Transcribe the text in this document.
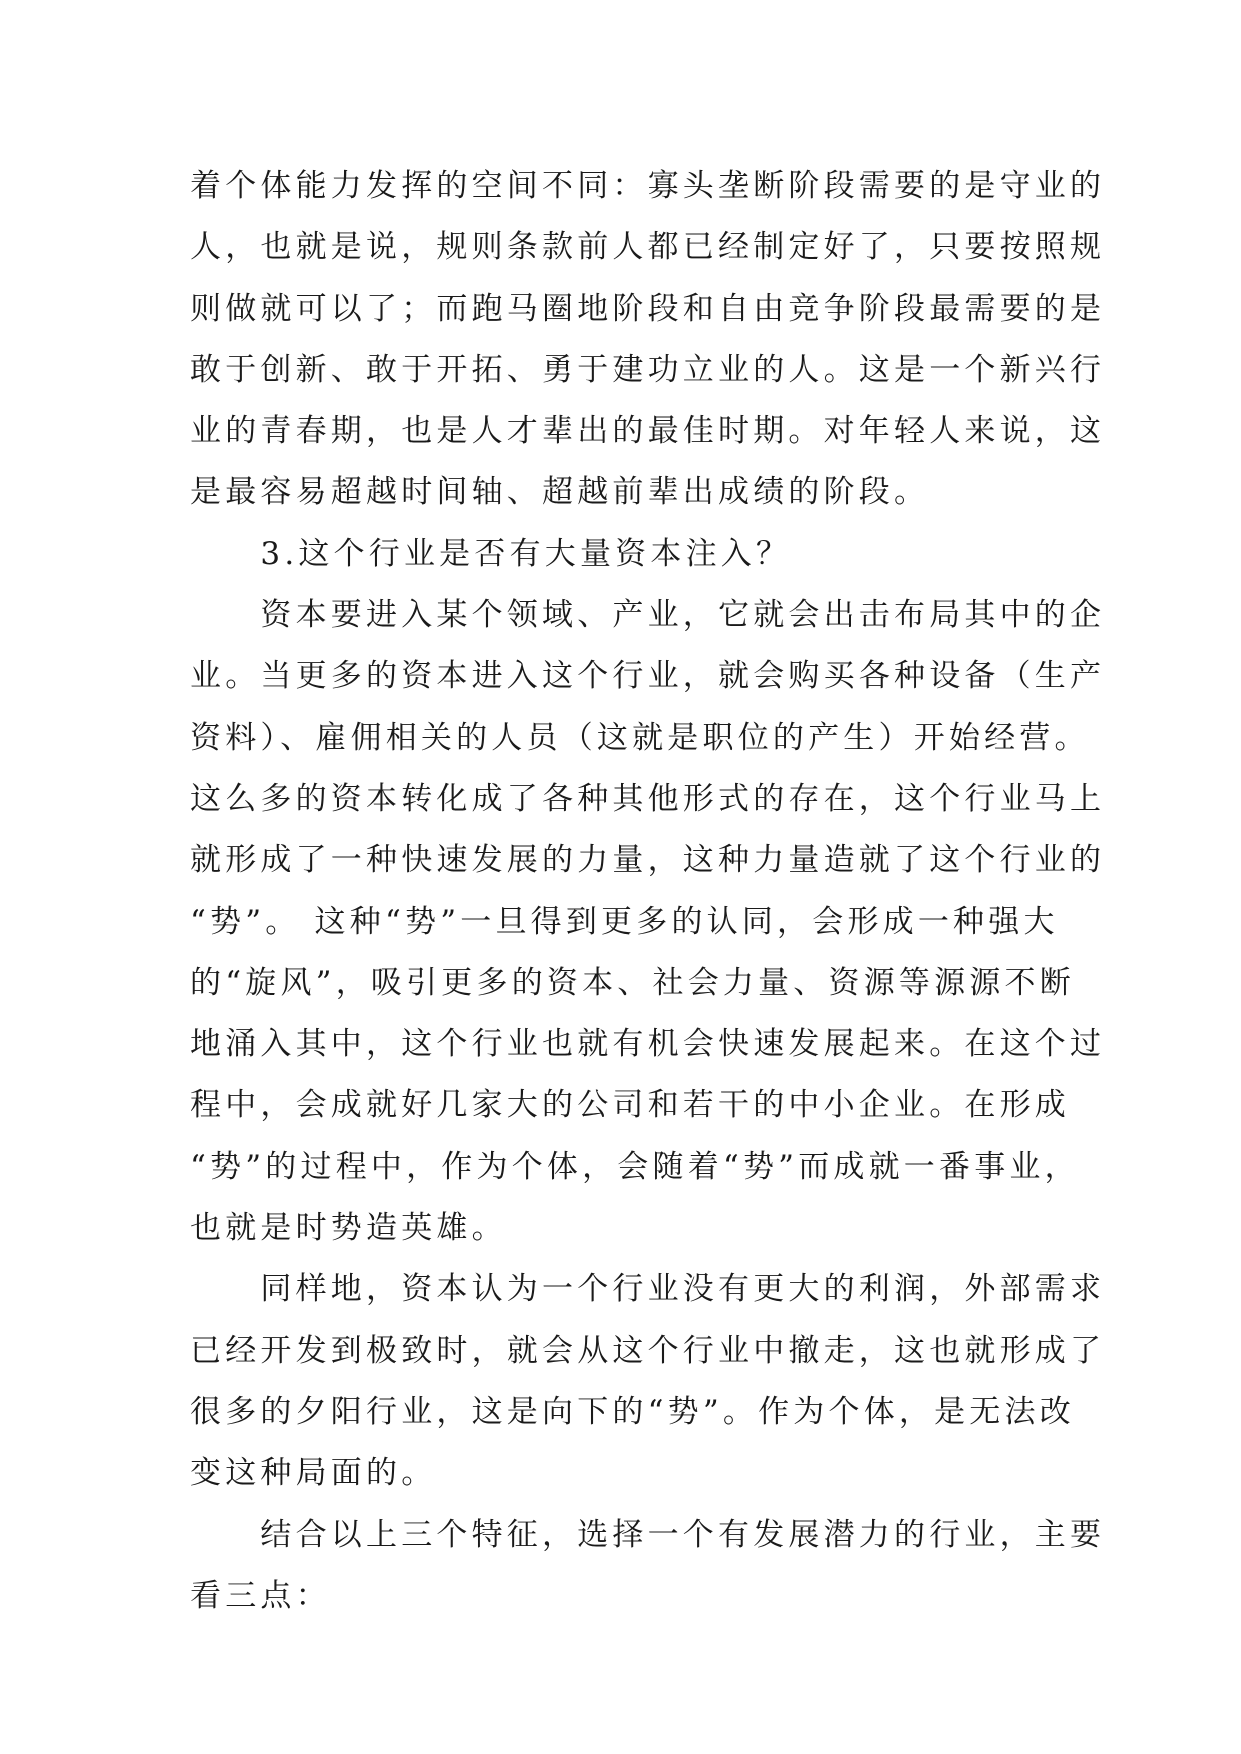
着个体能力发挥的空间不同：寡头垄断阶段需要的是守业的
人，也就是说，规则条款前人都已经制定好了，只要按照规
则做就可以了；而跑马圈地阶段和自由竞争阶段最需要的是
敢于创新、敢于开拓、勇于建功立业的人。这是一个新兴行
业的青春期，也是人才辈出的最佳时期。对年轻人来说，这
是最容易超越时间轴、超越前辈出成绩的阶段。
　　3.这个行业是否有大量资本注入？
　　资本要进入某个领域、产业，它就会出击布局其中的企
业。当更多的资本进入这个行业，就会购买各种设备（生产
资料）、雇佣相关的人员（这就是职位的产生）开始经营。
这么多的资本转化成了各种其他形式的存在，这个行业马上
就形成了一种快速发展的力量，这种力量造就了这个行业的
“势”。 这种“势”一旦得到更多的认同，会形成一种强大
的“旋风”，吸引更多的资本、社会力量、资源等源源不断
地涌入其中，这个行业也就有机会快速发展起来。在这个过
程中，会成就好几家大的公司和若干的中小企业。在形成
“势”的过程中，作为个体，会随着“势”而成就一番事业，
也就是时势造英雄。
　　同样地，资本认为一个行业没有更大的利润，外部需求
已经开发到极致时，就会从这个行业中撤走，这也就形成了
很多的夕阳行业，这是向下的“势”。作为个体，是无法改
变这种局面的。
　　结合以上三个特征，选择一个有发展潜力的行业，主要
看三点：
